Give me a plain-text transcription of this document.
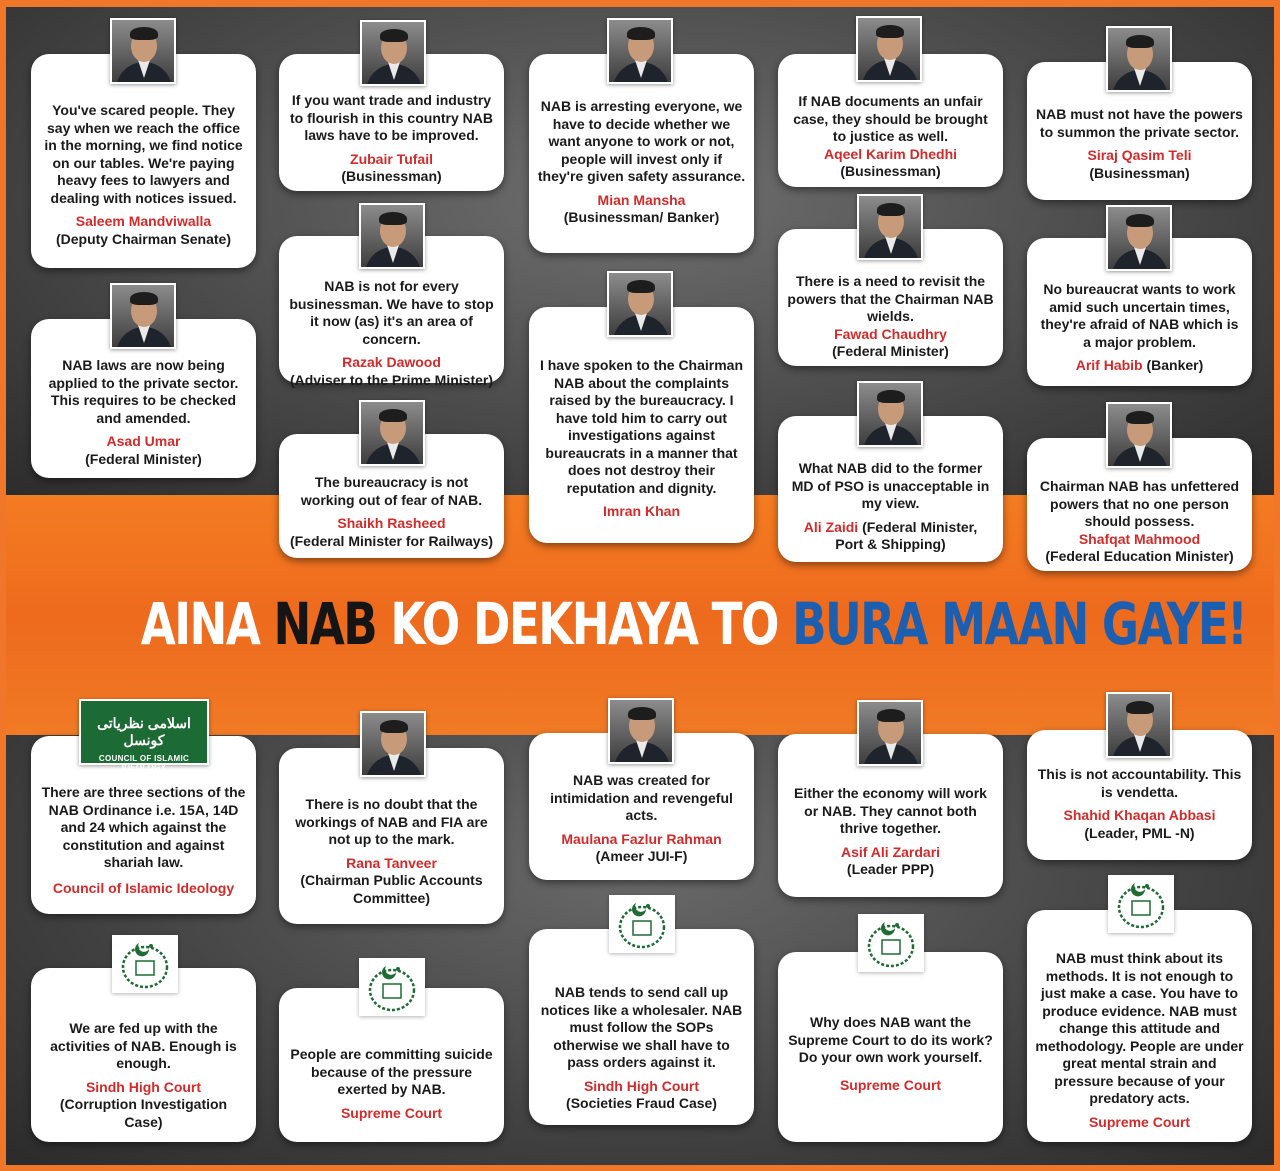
You've scared people. They say when we reach the office in the morning, we find notice on our tables. We're paying heavy fees to lawyers and dealing with notices issued.
Saleem Mandviwalla
(Deputy Chairman Senate)
If you want trade and industry to flourish in this country NAB laws have to be improved.
Zubair Tufail
(Businessman)
NAB is arresting everyone, we have to decide whether we want anyone to work or not, people will invest only if they're given safety assurance.
Mian Mansha
(Businessman/ Banker)
If NAB documents an unfair case, they should be brought to justice as well.
Aqeel Karim Dhedhi
(Businessman)
NAB must not have the powers to summon the private sector.
Siraj Qasim Teli
(Businessman)
NAB is not for every businessman. We have to stop it now (as) it's an area of concern.
Razak Dawood
(Adviser to the Prime Minister)
There is a need to revisit the powers that the Chairman NAB wields.
Fawad Chaudhry
(Federal Minister)
No bureaucrat wants to work amid such uncertain times, they're afraid of NAB which is a major problem.
Arif Habib (Banker)
NAB laws are now being applied to the private sector. This requires to be checked and amended.
Asad Umar
(Federal Minister)
I have spoken to the Chairman NAB about the complaints raised by the bureaucracy. I have told him to carry out investigations against bureaucrats in a manner that does not destroy their reputation and dignity.
Imran Khan
The bureaucracy is not working out of fear of NAB.
Shaikh Rasheed
(Federal Minister for Railways)
What NAB did to the former MD of PSO is unacceptable in my view.
Ali Zaidi (Federal Minister,
Port & Shipping)
Chairman NAB has unfettered powers that no one person should possess.
Shafqat Mahmood
(Federal Education Minister)
AINA NAB KO DEKHAYA TO BURA MAAN GAYE!
There are three sections of the NAB Ordinance i.e. 15A, 14D and 24 which against the constitution and against shariah law.
Council of Islamic Ideology
اسلامی نظریاتی کونسل
COUNCIL OF ISLAMIC IDEOLOGY
There is no doubt that the workings of NAB and FIA are not up to the mark.
Rana Tanveer
(Chairman Public Accounts Committee)
NAB was created for intimidation and revengeful acts.
Maulana Fazlur Rahman
(Ameer JUI-F)
Either the economy will work or NAB. They cannot both thrive together.
Asif Ali Zardari
(Leader PPP)
This is not accountability. This is vendetta.
Shahid Khaqan Abbasi
(Leader, PML -N)
We are fed up with the activities of NAB. Enough is enough.
Sindh High Court
(Corruption Investigation Case)
People are committing suicide because of the pressure exerted by NAB.
Supreme Court
NAB tends to send call up notices like a wholesaler. NAB must follow the SOPs otherwise we shall have to pass orders against it.
Sindh High Court
(Societies Fraud Case)
Why does NAB want the Supreme Court to do its work? Do your own work yourself.
Supreme Court
NAB must think about its methods. It is not enough to just make a case. You have to produce evidence. NAB must change this attitude and methodology. People are under great mental strain and pressure because of your predatory acts.
Supreme Court
